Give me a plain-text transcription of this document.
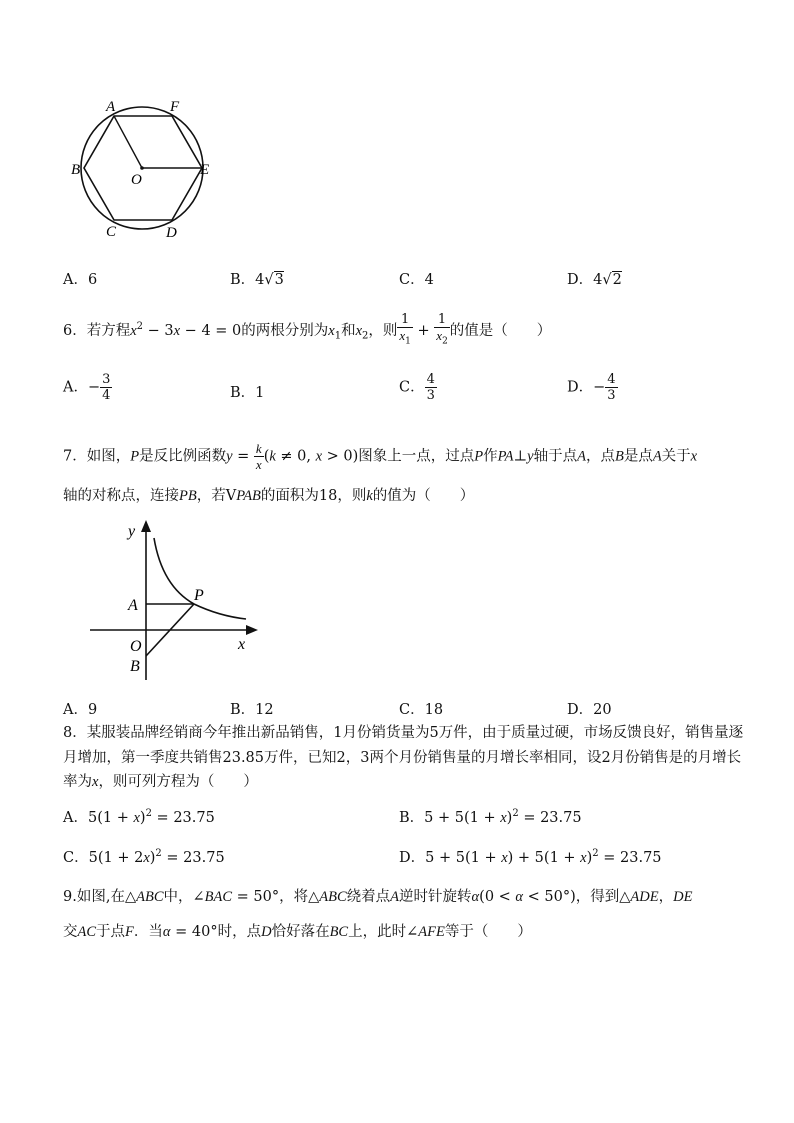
A	F
B
O
E
C	D
A．6	B．4√3	C．4	D．4√2
6．若方程$x^2 - 3x - 4 = 0$的两根分别为$x_1$和$x_2$，则 $\frac{1}{x_1} + \frac{1}{x_2}$ 的值是（　　）
A．− $\frac{3}{4}$	B．1	C． $\frac{4}{3}$	D．− $\frac{4}{3}$
7．如图，P是反比例函数$y = \frac{k}{x} (k \ne 0$, x > 0)图象上一点，过点P作PA⊥y轴于点A，点B是点A关于x
轴的对称点，连接PB，若VPAB的面积为18，则k的值为（　　）
y
A
P
O
B
x
A．9	B．12	C．18	D．20
8．某服装品牌经销商今年推出新品销售，1月份销货量为5万件，由于质量过硬，市场反馈良好，销售量逐
月增加，第一季度共销售23.85万件，已知2，3两个月份销售量的月增长率相同，设2月份销售是的月增长
率为x，则可列方程为（　　）
A．$5(1 + x)^2 = 23.75$	B．$5 + 5(1 + x)^2 = 23.75$
C．$5(1 + 2x)^2 = 23.75$	D．$5 + 5(1 + x) + 5(1 + x)^2 = 23.75$
9.如图,在△ABC中，∠BAC = 50°，将△ABC绕着点A逆时针旋转α(0 < α < 50°)，得到△ADE，DE
交AC于点F．当α = 40°时，点D恰好落在BC上，此时∠AFE等于（　　）
